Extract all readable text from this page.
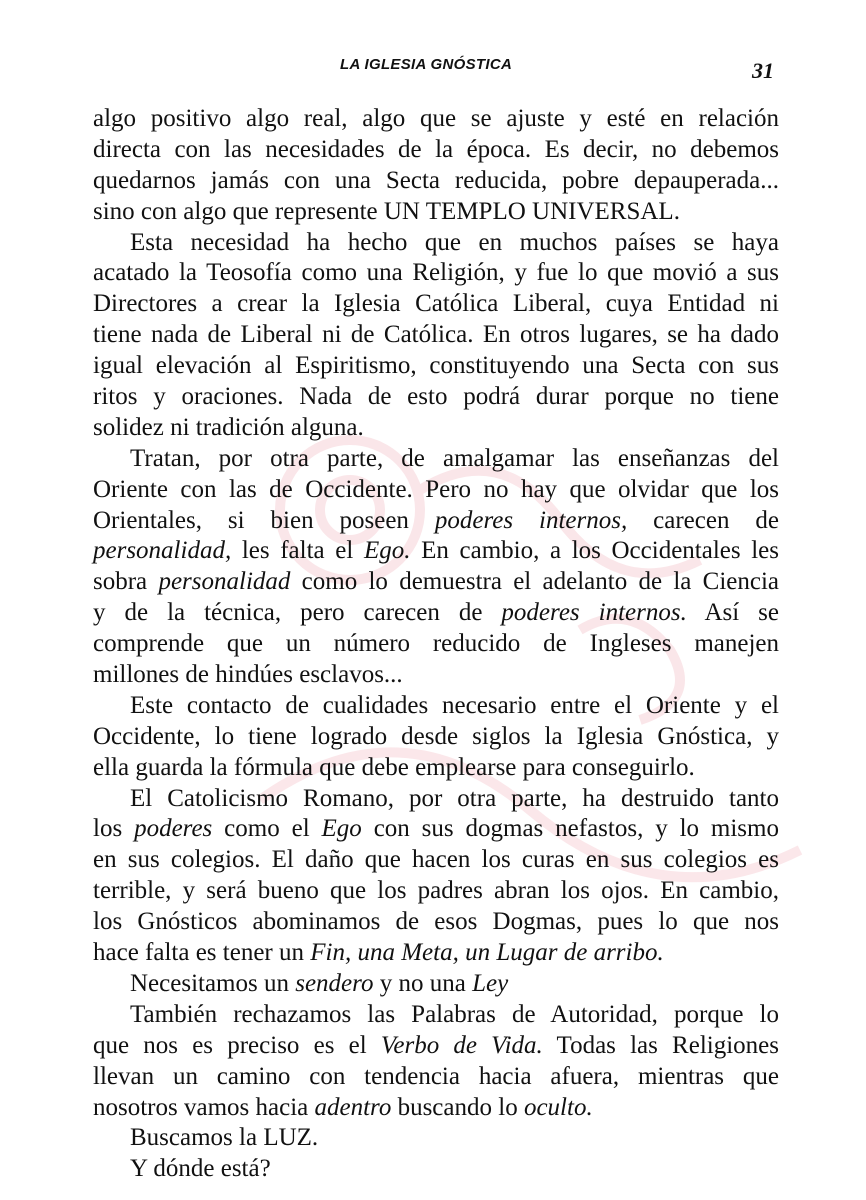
LA IGLESIA GNÓSTICA	31
algo positivo algo real, algo que se ajuste y esté en relación
directa con las necesidades de la época. Es decir, no debemos
quedarnos jamás con una Secta reducida, pobre depauperada...
sino con algo que represente UN TEMPLO UNIVERSAL.
Esta necesidad ha hecho que en muchos países se haya
acatado la Teosofía como una Religión, y fue lo que movió a sus
Directores a crear la Iglesia Católica Liberal, cuya Entidad ni
tiene nada de Liberal ni de Católica. En otros lugares, se ha dado
igual elevación al Espiritismo, constituyendo una Secta con sus
ritos y oraciones. Nada de esto podrá durar porque no tiene
solidez ni tradición alguna.
Tratan, por otra parte, de amalgamar las enseñanzas del
Oriente con las de Occidente. Pero no hay que olvidar que los
Orientales, si bien poseen poderes internos, carecen de
personalidad, les falta el Ego. En cambio, a los Occidentales les
sobra personalidad como lo demuestra el adelanto de la Ciencia
y de la técnica, pero carecen de poderes internos. Así se
comprende que un número reducido de Ingleses manejen
millones de hindúes esclavos...
Este contacto de cualidades necesario entre el Oriente y el
Occidente, lo tiene logrado desde siglos la Iglesia Gnóstica, y
ella guarda la fórmula que debe emplearse para conseguirlo.
El Catolicismo Romano, por otra parte, ha destruido tanto
los poderes como el Ego con sus dogmas nefastos, y lo mismo
en sus colegios. El daño que hacen los curas en sus colegios es
terrible, y será bueno que los padres abran los ojos. En cambio,
los Gnósticos abominamos de esos Dogmas, pues lo que nos
hace falta es tener un Fin, una Meta, un Lugar de arribo.
Necesitamos un sendero y no una Ley
También rechazamos las Palabras de Autoridad, porque lo
que nos es preciso es el Verbo de Vida. Todas las Religiones
llevan un camino con tendencia hacia afuera, mientras que
nosotros vamos hacia adentro buscando lo oculto.
Buscamos la LUZ.
Y dónde está?
